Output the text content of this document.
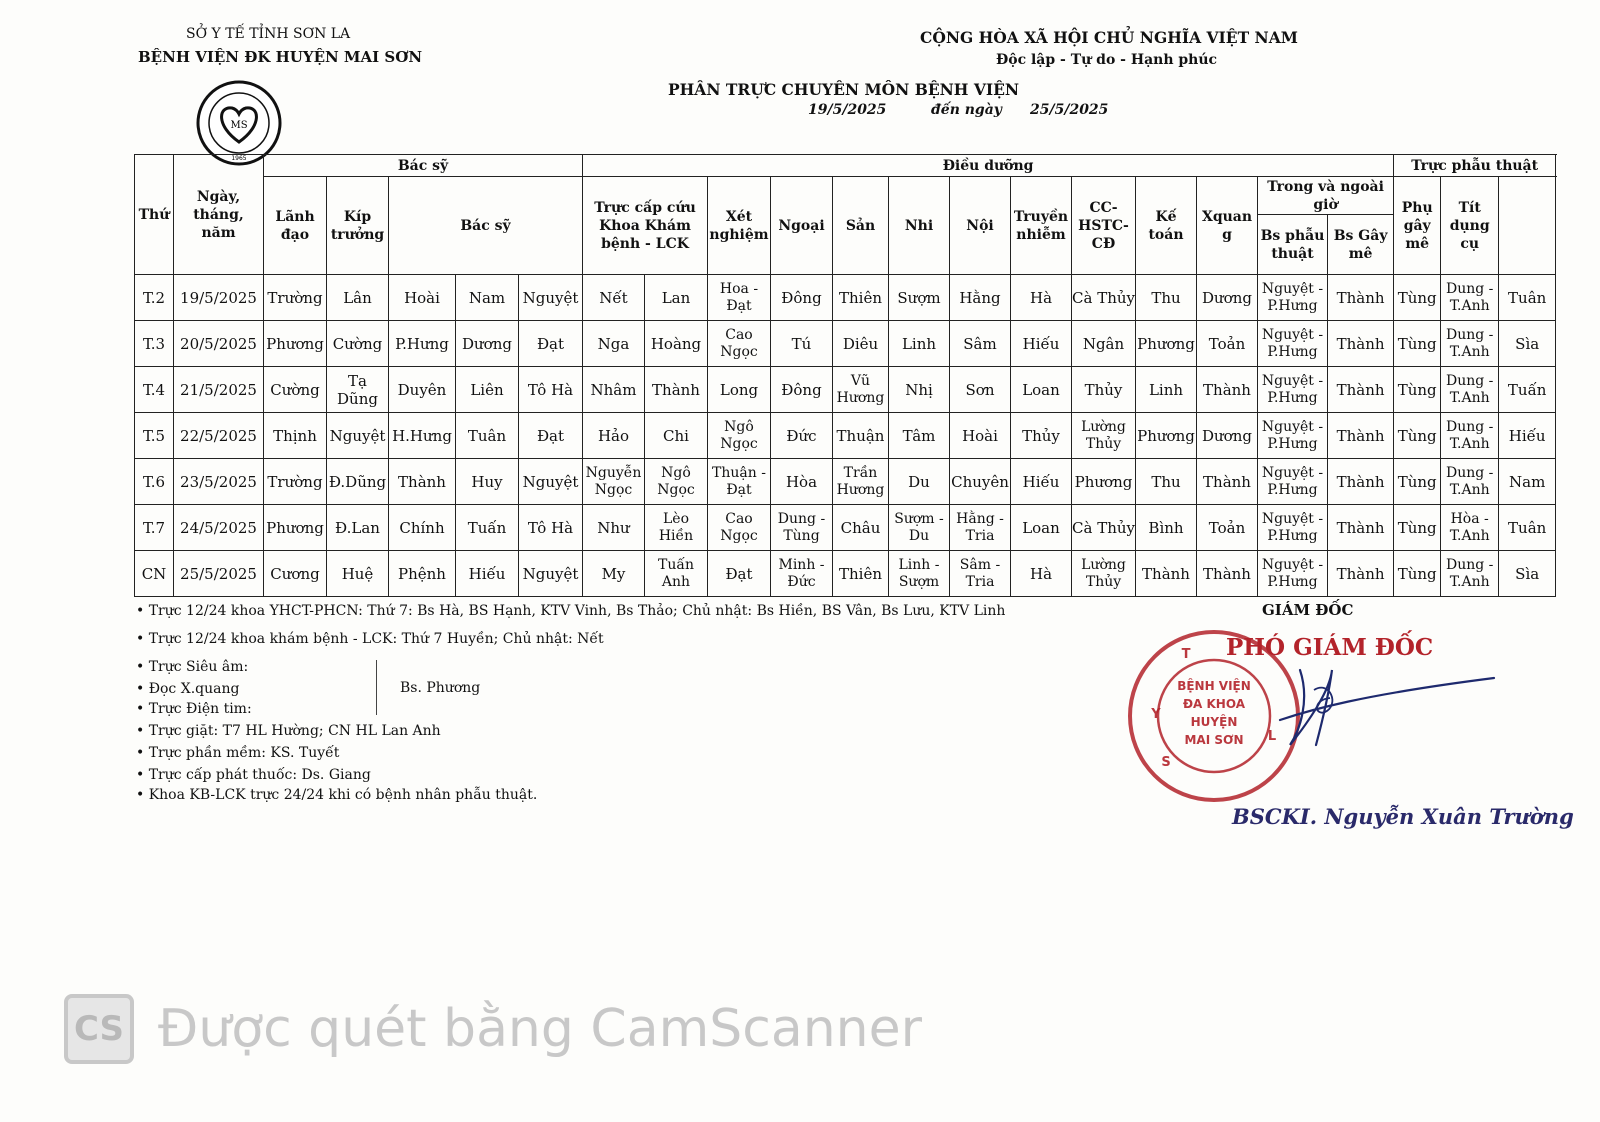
SỞ Y TẾ TỈNH SƠN LA
BỆNH VIỆN ĐK HUYỆN MAI SƠN
MS
1965
CỘNG HÒA XÃ HỘI CHỦ NGHĨA VIỆT NAM
Độc lập - Tự do - Hạnh phúc
PHÂN TRỰC CHUYÊN MÔN BỆNH VIỆN
19/5/2025	đến ngày 25/5/2025
Thứ	Ngày, tháng, năm	Bác sỹ					Điều dưỡng													Trực phẫu thuật	
		Lãnh đạo	Kíp trưởng	Bác sỹ			Trực cấp cứu Khoa Khám bệnh - LCK		Xét nghiệm	Ngoại	Sản	Nhi	Nội	Truyền nhiễm	CC- HSTC- CĐ	Kế toán	Xquan g	Trong và ngoài giờ		Phụ gây mê	Tít dụng cụ		
																		Bs phẫu thuật	Bs Gây mê				
T.2	19/5/2025	Trường	Lân	Hoài	Nam	Nguyệt	Nết	Lan	Hoa - Đạt	Đông	Thiên	Sượm	Hằng	Hà	Cà Thủy	Thu	Dương	Nguyệt - P.Hưng	Thành	Tùng	Dung - T.Anh	Tuân	
T.3	20/5/2025	Phương	Cường	P.Hưng	Dương	Đạt	Nga	Hoàng	Cao Ngọc	Tú	Diêu	Linh	Sâm	Hiếu	Ngân	Phương	Toản	Nguyệt - P.Hưng	Thành	Tùng	Dung - T.Anh	Sìa	
T.4	21/5/2025	Cường	Tạ Dũng	Duyên	Liên	Tô Hà	Nhâm	Thành	Long	Đông	Vũ Hương	Nhị	Sơn	Loan	Thủy	Linh	Thành	Nguyệt - P.Hưng	Thành	Tùng	Dung - T.Anh	Tuấn	
T.5	22/5/2025	Thịnh	Nguyệt	H.Hưng	Tuân	Đạt	Hảo	Chi	Ngô Ngọc	Đức	Thuận	Tâm	Hoài	Thủy	Lường Thủy	Phương	Dương	Nguyệt - P.Hưng	Thành	Tùng	Dung - T.Anh	Hiếu	
T.6	23/5/2025	Trường	Đ.Dũng	Thành	Huy	Nguyệt	Nguyễn Ngọc	Ngô Ngọc	Thuận - Đạt	Hòa	Trần Hương	Du	Chuyên	Hiếu	Phương	Thu	Thành	Nguyệt - P.Hưng	Thành	Tùng	Dung - T.Anh	Nam	
T.7	24/5/2025	Phương	Đ.Lan	Chính	Tuấn	Tô Hà	Như	Lèo Hiền	Cao Ngọc	Dung - Tùng	Châu	Sượm - Du	Hằng - Tria	Loan	Cà Thủy	Bình	Toản	Nguyệt - P.Hưng	Thành	Tùng	Hòa - T.Anh	Tuân	
CN	25/5/2025	Cương	Huệ	Phệnh	Hiếu	Nguyệt	My	Tuấn Anh	Đạt	Minh - Đức	Thiên	Linh - Sượm	Sâm - Tria	Hà	Lường Thủy	Thành	Thành	Nguyệt - P.Hưng	Thành	Tùng	Dung - T.Anh	Sìa	
• Trực 12/24 khoa YHCT-PHCN: Thứ 7: Bs Hà, BS Hạnh, KTV Vinh, Bs Thảo; Chủ nhật: Bs Hiền, BS Vân, Bs Lưu, KTV Linh
• Trực 12/24 khoa khám bệnh - LCK: Thứ 7 Huyền; Chủ nhật: Nết
• Trực Siêu âm:
• Đọc X.quang
• Trực Điện tim:
• Trực giặt: T7 HL Hường; CN HL Lan Anh
• Trực phần mềm: KS. Tuyết
• Trực cấp phát thuốc: Ds. Giang
• Khoa KB-LCK trực 24/24 khi có bệnh nhân phẫu thuật.
Bs. Phương
GIÁM ĐỐC
BỆNH VIỆN
ĐA KHOA
HUYỆN
MAI SƠN
Y
S
T
L
PHÓ GIÁM ĐỐC
BSCKI. Nguyễn Xuân Trường
CS Được quét bằng CamScanner
